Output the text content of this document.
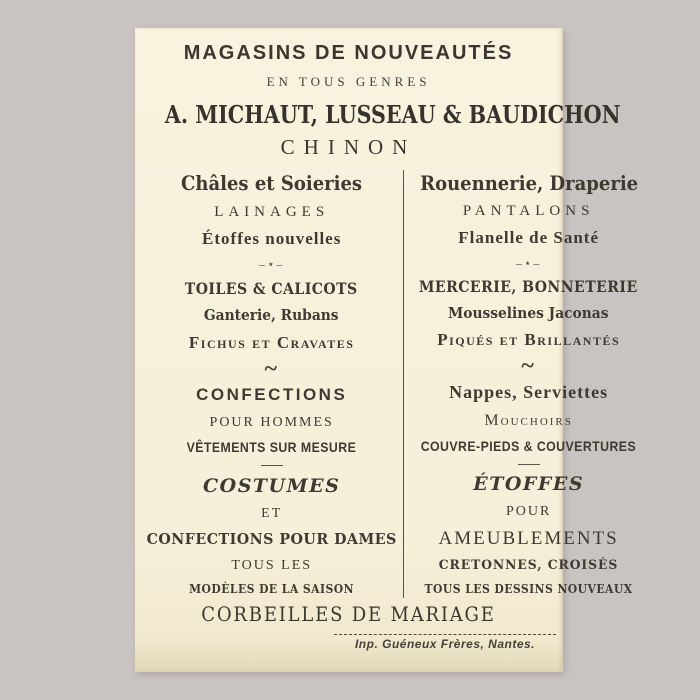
MAGASINS DE NOUVEAUTÉS
EN TOUS GENRES
A. MICHAUT, LUSSEAU & BAUDICHON
CHINON
Châles et Soieries
LAINAGES
Étoffes nouvelles
–⋆–
TOILES & CALICOTS
Ganterie, Rubans
Fichus et Cravates
~
CONFECTIONS
POUR HOMMES
VÊTEMENTS SUR MESURE
COSTUMES
ET
CONFECTIONS POUR DAMES
TOUS LES
MODÈLES DE LA SAISON
Rouennerie, Draperie
PANTALONS
Flanelle de Santé
–⋆–
MERCERIE, BONNETERIE
Mousselines Jaconas
Piqués et Brillantés
~
Nappes, Serviettes
Mouchoirs
COUVRE-PIEDS & COUVERTURES
ÉTOFFES
POUR
AMEUBLEMENTS
CRETONNES, CROISÉS
TOUS LES DESSINS NOUVEAUX
CORBEILLES DE MARIAGE
Inp. Guéneux Frères, Nantes.
